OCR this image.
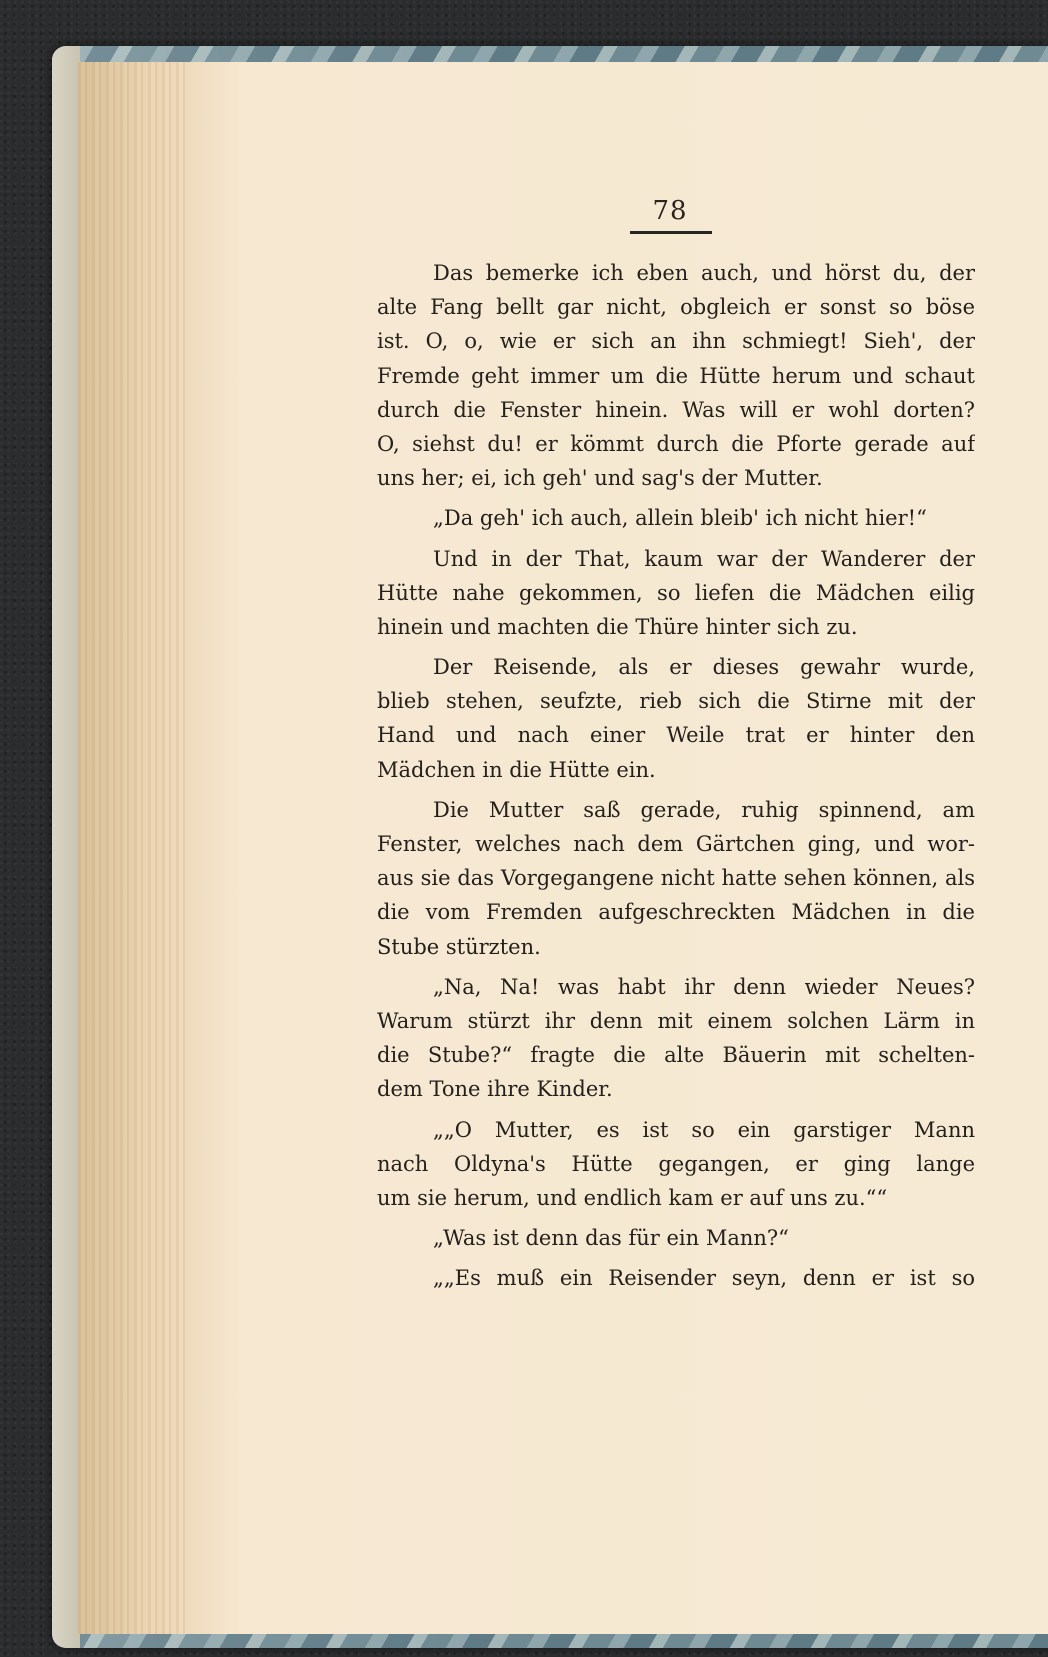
78
Das bemerke ich eben auch, und hörst du, der
alte Fang bellt gar nicht, obgleich er sonst so böse
ist. O, o, wie er sich an ihn schmiegt! Sieh', der
Fremde geht immer um die Hütte herum und schaut
durch die Fenster hinein. Was will er wohl dorten?
O, siehst du! er kömmt durch die Pforte gerade auf
uns her; ei, ich geh' und sag's der Mutter.
„Da geh' ich auch, allein bleib' ich nicht hier!“
Und in der That, kaum war der Wanderer der
Hütte nahe gekommen, so liefen die Mädchen eilig
hinein und machten die Thüre hinter sich zu.
Der Reisende, als er dieses gewahr wurde,
blieb stehen, seufzte, rieb sich die Stirne mit der
Hand und nach einer Weile trat er hinter den
Mädchen in die Hütte ein.
Die Mutter saß gerade, ruhig spinnend, am
Fenster, welches nach dem Gärtchen ging, und wor-
aus sie das Vorgegangene nicht hatte sehen können, als
die vom Fremden aufgeschreckten Mädchen in die
Stube stürzten.
„Na, Na! was habt ihr denn wieder Neues?
Warum stürzt ihr denn mit einem solchen Lärm in
die Stube?“ fragte die alte Bäuerin mit schelten-
dem Tone ihre Kinder.
„„O Mutter, es ist so ein garstiger Mann
nach Oldyna's Hütte gegangen, er ging lange
um sie herum, und endlich kam er auf uns zu.““
„Was ist denn das für ein Mann?“
„„Es muß ein Reisender seyn, denn er ist so
